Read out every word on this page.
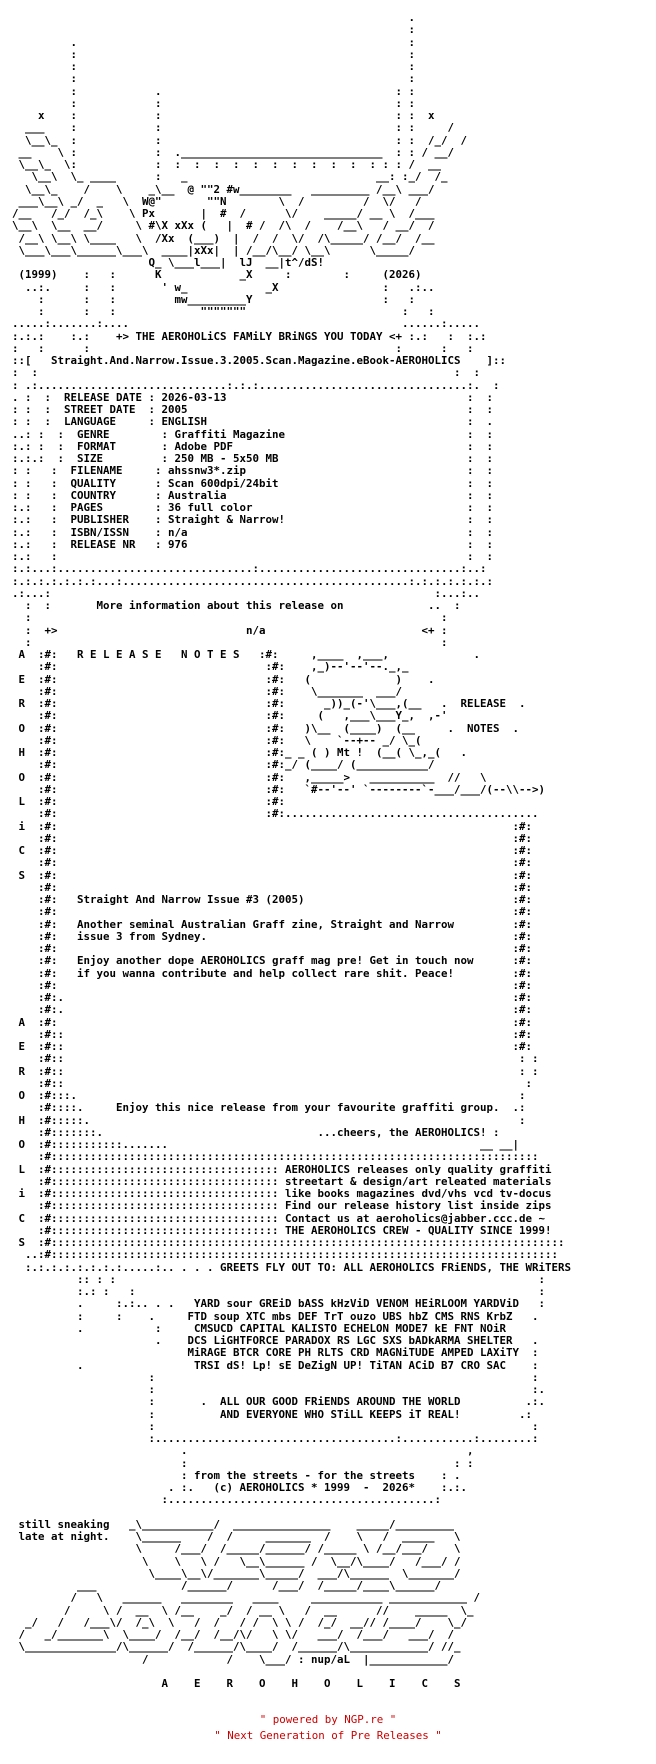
.
:
.                                                   :
:                                                   :
:                                                   :
:                                                   :
:            .                                    : :
:            :                                    : :
x    :            :                                    : :  x
___    :            :                                    : :     /
\__\_  :            :                                    : :  /_/  /
__    \ :            :  ._______________________________  : : / __/
\__\_  \:            :  :  :  :  :  :  :  :  :  :  :  : : : /  __
\__\  \_ ____      :   _                             __: :_/  /_
\__\_    /    \    _\__  @ ""2 #w________   _________ /__\ ___/
___\__\ _/  _   \  W@"       ""N        \  /         /  \/   /
/__   /_/  /_\    \ Px       |  #  /      \/    _____/ __ \  /___
\__\  \__  __/     \ #\X xXx (   |  # /  /\  /    /__\   / __/  /
/__\ \__\ \____   \  /Xx  (___)  |  /  /  \/  /\_____/ /__/  /__
\___\___\______\___\  ____|xXx|  | /__/\__/ \__\      \_____/
Q_ \___l___|  lJ  __|t^/dS!
(1999)    :   :      K            _X     :        :     (2026)
..:.     :   :       ' w_            _X                :   .:..
:      :   :         mw_________Y                    :   :
:      :   :             """""""                        :   :
.....:.......:....                                          ......:.....
:.:.:    :.:    +> THE AEROHOLiCS FAMiLY BRiNGS YOU TODAY <+ :.:   :  :.:
:   :      :                                               :      :   :
::[   Straight.And.Narrow.Issue.3.2005.Scan.Magazine.eBook-AEROHOLICS    ]::
:  :                                                                :  :
: .:.............................:.:.:................................:.  :
. :  :  RELEASE DATE : 2026-03-13                                     :  :
: :  :  STREET DATE  : 2005                                           :  :
: :  :  LANGUAGE     : ENGLISH                                        :  .
..: :  :  GENRE        : Graffiti Magazine                            :  :
:.: :  :  FORMAT       : Adobe PDF                                    :  :
:.:.:  :  SIZE         : 250 MB - 5x50 MB                             :  :
: :   :  FILENAME     : ahssnw3*.zip                                  :  :
: :   :  QUALITY      : Scan 600dpi/24bit                             :  :
: :   :  COUNTRY      : Australia                                     :  :
:.:   :  PAGES        : 36 full color                                 :  :
:.:   :  PUBLISHER    : Straight & Narrow!                            :  :
:.:   :  ISBN/ISSN    : n/a                                           :  :
:.:   :  RELEASE NR   : 976                                           :  :
:.:   :                                                               :  :
:.:...:..............................:...............................:..:
:.:.:.:.:.:.:...:............................................:.:.:.:.:.:.:
.:...:                                                           :...:..
:  :       More information about this release on             ..  :
:                                                               :
:  +>                             n/a                        <+ :
:                                                               :
A  :#:   R E L E A S E   N O T E S   :#:     ,____  ,___,             .
:#:                                :#:    ,_)--'--'--._,_
E  :#:                                :#:   (             )    .
:#:                                :#:    \_______  ___/
R  :#:                                :#:      _))_(-'\___,(__   .  RELEASE  .
:#:                                :#:     (   ,___\___Y_,  ,-'
O  :#:                                :#:   )\__  (____)  (__     .  NOTES  .
:#:                                :#:   \    `--+-- _/ \_(
H  :#:                                :#:_ _ ( ) Mt !  (__( \_,_(   .
:#:                                :#:_/ (____/ (___________/
O  :#:                                :#:   ,_____>   __________  //   \
:#:                                :#:   `#--'--' `--------`-___/___/(--\\-->)
L  :#:                                :#:
:#:                                :#:.......................................
i  :#:                                                                      :#:
:#:                                                                      :#:
C  :#:                                                                      :#:
:#:                                                                      :#:
S  :#:                                                                      :#:
:#:                                                                      :#:
:#:   Straight And Narrow Issue #3 (2005)                                :#:
:#:                                                                      :#:
:#:   Another seminal Australian Graff zine, Straight and Narrow         :#:
:#:   issue 3 from Sydney.                                               :#:
:#:                                                                      :#:
:#:   Enjoy another dope AEROHOLICS graff mag pre! Get in touch now      :#:
:#:   if you wanna contribute and help collect rare shit. Peace!         :#:
:#:                                                                      :#:
:#:.                                                                     :#:
:#:.                                                                     :#:
A  :#:                                                                      :#:
:#::                                                                     :#:
E  :#::                                                                     :#:
:#::                                                                      : :
R  :#::                                                                      : :
:#::                                                                       :
O  :#:::.                                                                    :
:#::::.     Enjoy this nice release from your favourite graffiti group.  .:
H  :#:::::.                                                                  :
:#:::::::.                                 ...cheers, the AEROHOLICS! :
O  :#:::::::::::.......                                                __ __|
:#:::::::::::::::::::::::::::::::::::::::::::::::::::::::::::::::::::::::::::
L  :#::::::::::::::::::::::::::::::::::: AEROHOLICS releases only quality graffiti
:#::::::::::::::::::::::::::::::::::: streetart & design/art releated materials
i  :#::::::::::::::::::::::::::::::::::: like books magazines dvd/vhs vcd tv-docus
:#::::::::::::::::::::::::::::::::::: Find our release history list inside zips
C  :#::::::::::::::::::::::::::::::::::: Contact us at aeroholics@jabber.ccc.de ~
:#::::::::::::::::::::::::::::::::::: THE AEROHOLICS CREW - QUALITY SINCE 1999!
S  :#:::::::::::::::::::::::::::::::::::::::::::::::::::::::::::::::::::::::::::::::
..:#::::::::::::::::::::::::::::::::::::::::::::::::::::::::::::::::::::::::::::::
:.:.:.:.:.:.:.:.....:.. . . . GREETS FLY OUT TO: ALL AEROHOLICS FRiENDS, THE WRiTERS
:: : :                                                                 :
:.: :   :                                                              :
.     :.:.. . .   YARD sour GREiD bASS kHzViD VENOM HEiRLOOM YARDViD   :
:     :    .     FTD soup XTC mbs DEF TrT ouzo UBS hbZ CMS RNS KrbZ   .
.           :     CMSUCD CAPITAL KALISTO ECHELON MODE7 kE FNT NOiR
.    DCS LiGHTFORCE PARADOX RS LGC SXS bADkARMA SHELTER   .
MiRAGE BTCR CORE PH RLTS CRD MAGNiTUDE AMPED LAXiTY  :
.                 TRSI dS! Lp! sE DeZigN UP! TiTAN ACiD B7 CRO SAC    :
:                                                          :
:                                                          :.
:       .  ALL OUR GOOD FRiENDS AROUND THE WORLD          .:.
:          AND EVERYONE WHO STiLL KEEPS iT REAL!         .:
:                                                          :
:.....................................:...........:........:
.                                           ,
:                                         : :
: from the streets - for the streets    : .
. :.   (c) AEROHOLICS * 1999  -  2026*    :.:.
:.........................................:

still sneaking   _\___________/  _______________    _____/_________
late at night.    \______    /  /     _______  /    \   /  _____   \
\     /___/  /_____/______/ /_____ \ /__/___/    \
\    \   \ /   \__\______ /  \__/\____/   /___/ /
\____\__\/_______\_____/  ___/\______  \_______/
___             /______/      /___/  /_____/____\______/
/   \   ______   ________   ____     ___________ ____________ /
/     \ /  __  \ /__    _/  / __ \   /  __      //    _____  \_
_/   /   /___\/  /_\  \   /  /   / /  \ \ /  /_/  __// /____/    \_/
/   _/_______\  \____/  /__/  /__/\/   \ \/   ___/  /___/   ___/  /
\______________/\______/  /______/\____/  /______/\____________/ //_
/            /    \___/ : nup/aL  |____________/

A    E    R    O    H    O    L    I    C    S
" powered by NGP.re "
" Next Generation of Pre Releases "
